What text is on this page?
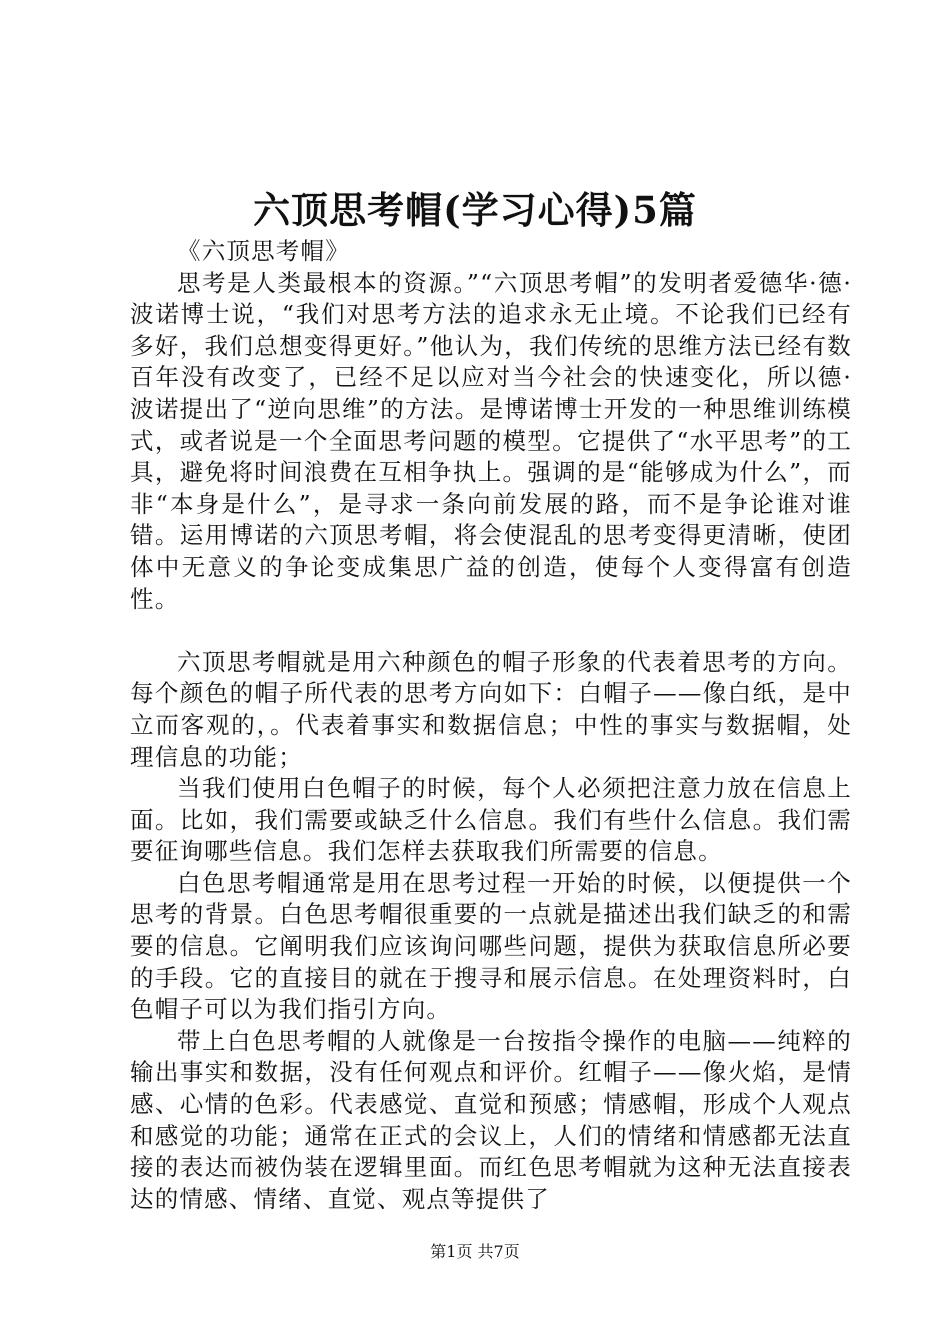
六顶思考帽(学习心得)5篇

《六顶思考帽》

思考是人类最根本的资源。”“六顶思考帽”的发明者爱德华·德·波诺博士说，“我们对思考方法的追求永无止境。不论我们已经有多好，我们总想变得更好。”他认为，我们传统的思维方法已经有数百年没有改变了，已经不足以应对当今社会的快速变化，所以德·波诺提出了“逆向思维”的方法。是博诺博士开发的一种思维训练模式，或者说是一个全面思考问题的模型。它提供了“水平思考”的工具，避免将时间浪费在互相争执上。强调的是“能够成为什么”，而非“本身是什么”，是寻求一条向前发展的路，而不是争论谁对谁错。运用博诺的六顶思考帽，将会使混乱的思考变得更清晰，使团体中无意义的争论变成集思广益的创造，使每个人变得富有创造性。

六顶思考帽就是用六种颜色的帽子形象的代表着思考的方向。每个颜色的帽子所代表的思考方向如下：白帽子——像白纸，是中立而客观的，。代表着事实和数据信息；中性的事实与数据帽，处理信息的功能；

当我们使用白色帽子的时候，每个人必须把注意力放在信息上面。比如，我们需要或缺乏什么信息。我们有些什么信息。我们需要征询哪些信息。我们怎样去获取我们所需要的信息。

白色思考帽通常是用在思考过程一开始的时候，以便提供一个思考的背景。白色思考帽很重要的一点就是描述出我们缺乏的和需要的信息。它阐明我们应该询问哪些问题，提供为获取信息所必要的手段。它的直接目的就在于搜寻和展示信息。在处理资料时，白色帽子可以为我们指引方向。

带上白色思考帽的人就像是一台按指令操作的电脑——纯粹的输出事实和数据，没有任何观点和评价。红帽子——像火焰，是情感、心情的色彩。代表感觉、直觉和预感；情感帽，形成个人观点和感觉的功能；通常在正式的会议上，人们的情绪和情感都无法直接的表达而被伪装在逻辑里面。而红色思考帽就为这种无法直接表达的情感、情绪、直觉、观点等提供了

第1页 共7页
